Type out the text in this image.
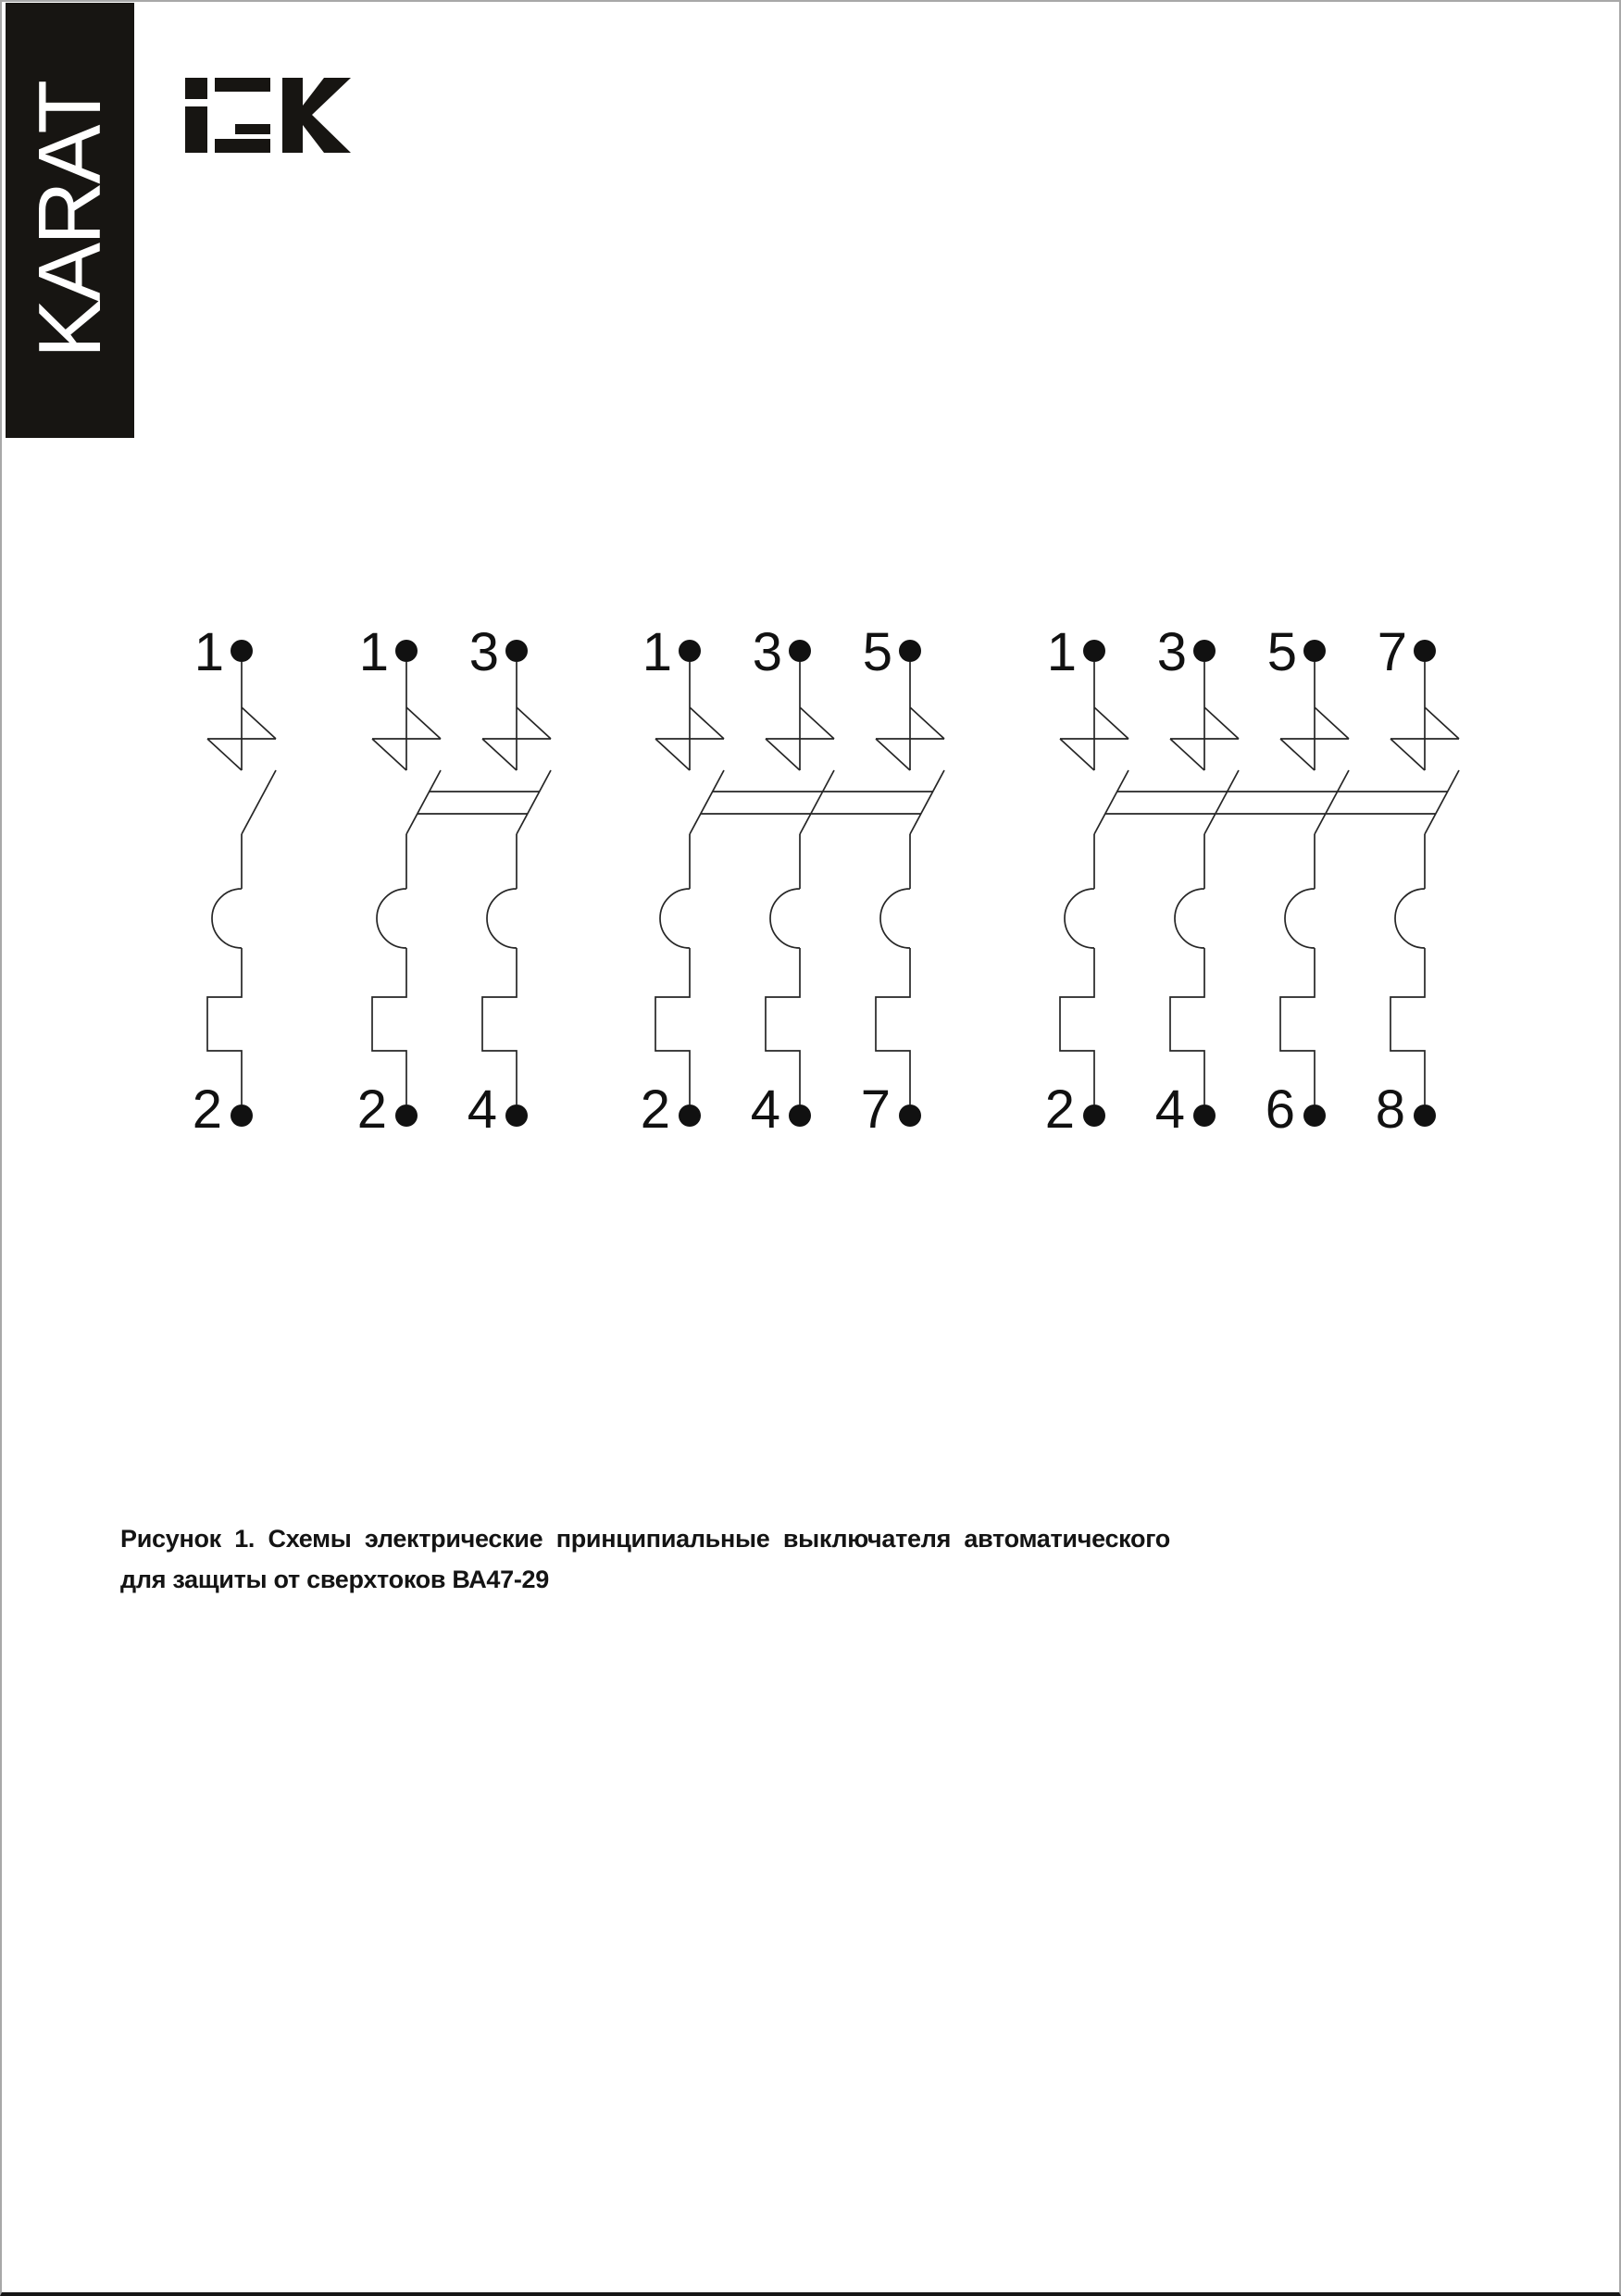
KARAT
1
2
1 3
2 4
1 3 5
2 4 7
1 3 5 7
2 4 6 8
Рисунок 1. Схемы электрические принципиальные выключателя автоматического
для защиты от сверхтоков ВА47-29
